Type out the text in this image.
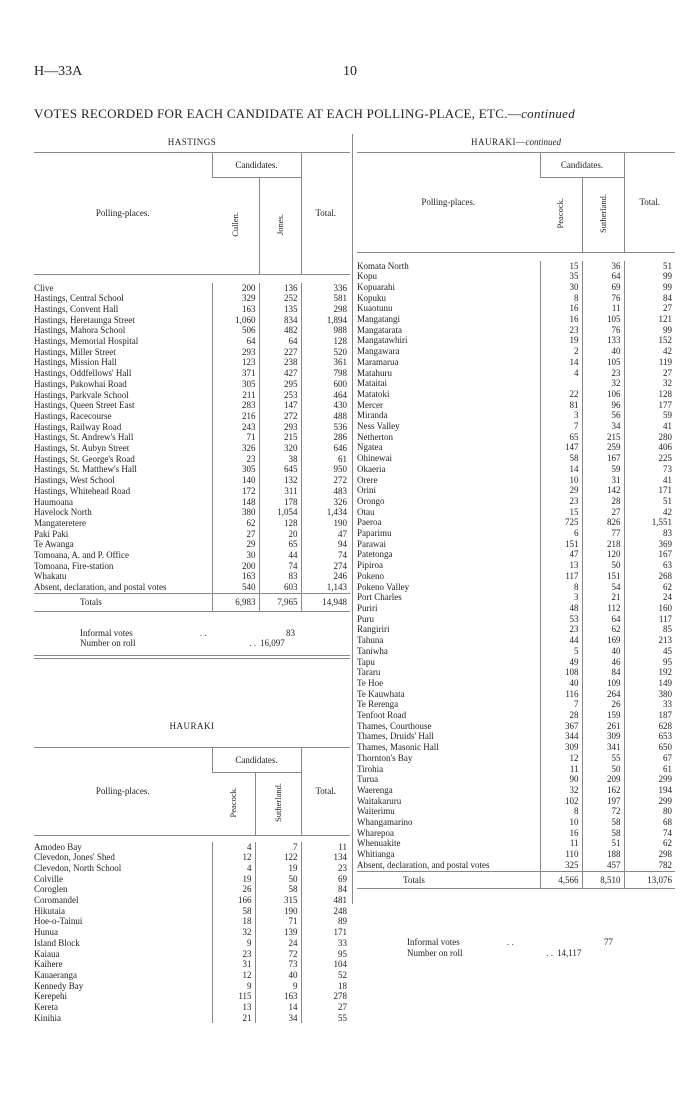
H—33A	10
VOTES RECORDED FOR EACH CANDIDATE AT EACH POLLING-PLACE, ETC.—continued
HASTINGS
Polling-places.	Candidates.		Total.
	Cullen.	Jones.	
Clive	200	136	336
Hastings, Central School	329	252	581
Hastings, Convent Hall	163	135	298
Hastings, Heretaunga Street	1,060	834	1,894
Hastings, Mahora School	506	482	988
Hastings, Memorial Hospital	64	64	128
Hastings, Miller Street	293	227	520
Hastings, Mission Hall	123	238	361
Hastings, Oddfellows' Hall	371	427	798
Hastings, Pakowhai Road	305	295	600
Hastings, Parkvale School	211	253	464
Hastings, Queen Street East	283	147	430
Hastings, Racecourse	216	272	488
Hastings, Railway Road	243	293	536
Hastings, St. Andrew's Hall	71	215	286
Hastings, St. Aubyn Street	326	320	646
Hastings, St. George's Road	23	38	61
Hastings, St. Matthew's Hall	305	645	950
Hastings, West School	140	132	272
Hastings, Whitehead Road	172	311	483
Haumoana	148	178	326
Havelock North	380	1,054	1,434
Mangateretere	62	128	190
Paki Paki	27	20	47
Te Awanga	29	65	94
Tomoana, A. and P. Office	30	44	74
Tomoana, Fire-station	200	74	274
Whakatu	163	83	246
Absent, declaration, and postal votes	540	603	1,143
Totals	6,983	7,965	14,948
	Informal votes	. .	83
	Number on roll	. .	16,097
HAURAKI
Polling-places.	Candidates.		Total.
	Peacock.	Sutherland.	
Amodeo Bay	4	7	11
Clevedon, Jones' Shed	12	122	134
Clevedon, North School	4	19	23
Colville	19	50	69
Coroglen	26	58	84
Coromandel	166	315	481
Hikutaia	58	190	248
Hoe-o-Tainui	18	71	89
Hunua	32	139	171
Island Block	9	24	33
Kaiaua	23	72	95
Kaihere	31	73	104
Kauaeranga	12	40	52
Kennedy Bay	9	9	18
Kerepehi	115	163	278
Kereta	13	14	27
Kinihia	21	34	55
HAURAKI—continued
Polling-places.	Candidates.		Total.
	Peacock.	Sutherland.	
Komata North	15	36	51
Kopu	35	64	99
Kopuarahi	30	69	99
Kopuku	8	76	84
Kuaotunu	16	11	27
Mangatangi	16	105	121
Mangatarata	23	76	99
Mangatawhiri	19	133	152
Mangawara	2	40	42
Maramarua	14	105	119
Matahuru	4	23	27
Mataitai		32	32
Matatoki	22	106	128
Mercer	81	96	177
Miranda	3	56	59
Ness Valley	7	34	41
Netherton	65	215	280
Ngatea	147	259	406
Ohinewai	58	167	225
Okaeria	14	59	73
Orere	10	31	41
Orini	29	142	171
Orongo	23	28	51
Otau	15	27	42
Paeroa	725	826	1,551
Paparimu	6	77	83
Parawai	151	218	369
Patetonga	47	120	167
Pipiroa	13	50	63
Pokeno	117	151	268
Pokeno Valley	8	54	62
Port Charles	3	21	24
Puriri	48	112	160
Puru	53	64	117
Rangiriri	23	62	85
Tahuna	44	169	213
Taniwha	5	40	45
Tapu	49	46	95
Tararu	108	84	192
Te Hoe	40	109	149
Te Kauwhata	116	264	380
Te Rerenga	7	26	33
Tenfoot Road	28	159	187
Thames, Courthouse	367	261	628
Thames, Druids' Hall	344	309	653
Thames, Masonic Hall	309	341	650
Thornton's Bay	12	55	67
Tirohia	11	50	61
Turua	90	209	299
Waerenga	32	162	194
Waitakaruru	102	197	299
Waiterimu	8	72	80
Whangamarino	10	58	68
Wharepoa	16	58	74
Whenuakite	11	51	62
Whitianga	110	188	298
Absent, declaration, and postal votes	325	457	782
Totals	4,566	8,510	13,076
	Informal votes	. .	77
	Number on roll	. .	14,117
